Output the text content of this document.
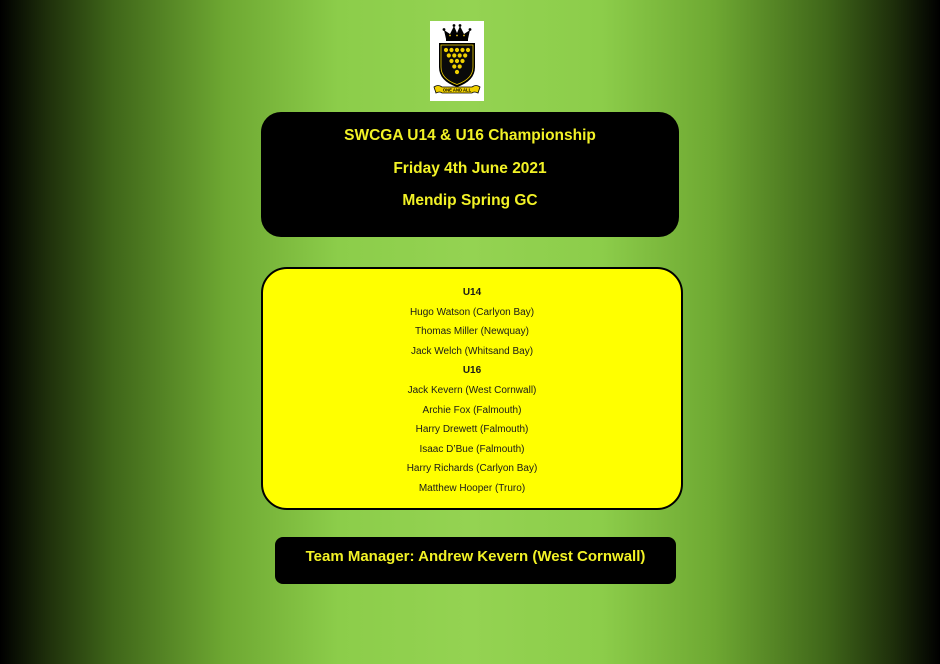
ONE AND ALL
SWCGA U14 & U16 Championship
Friday 4th June 2021
Mendip Spring GC
U14
Hugo Watson (Carlyon Bay)
Thomas Miller (Newquay)
Jack Welch (Whitsand Bay)
U16
Jack Kevern (West Cornwall)
Archie Fox (Falmouth)
Harry Drewett (Falmouth)
Isaac D’Bue (Falmouth)
Harry Richards (Carlyon Bay)
Matthew Hooper (Truro)
Team Manager: Andrew Kevern (West Cornwall)
